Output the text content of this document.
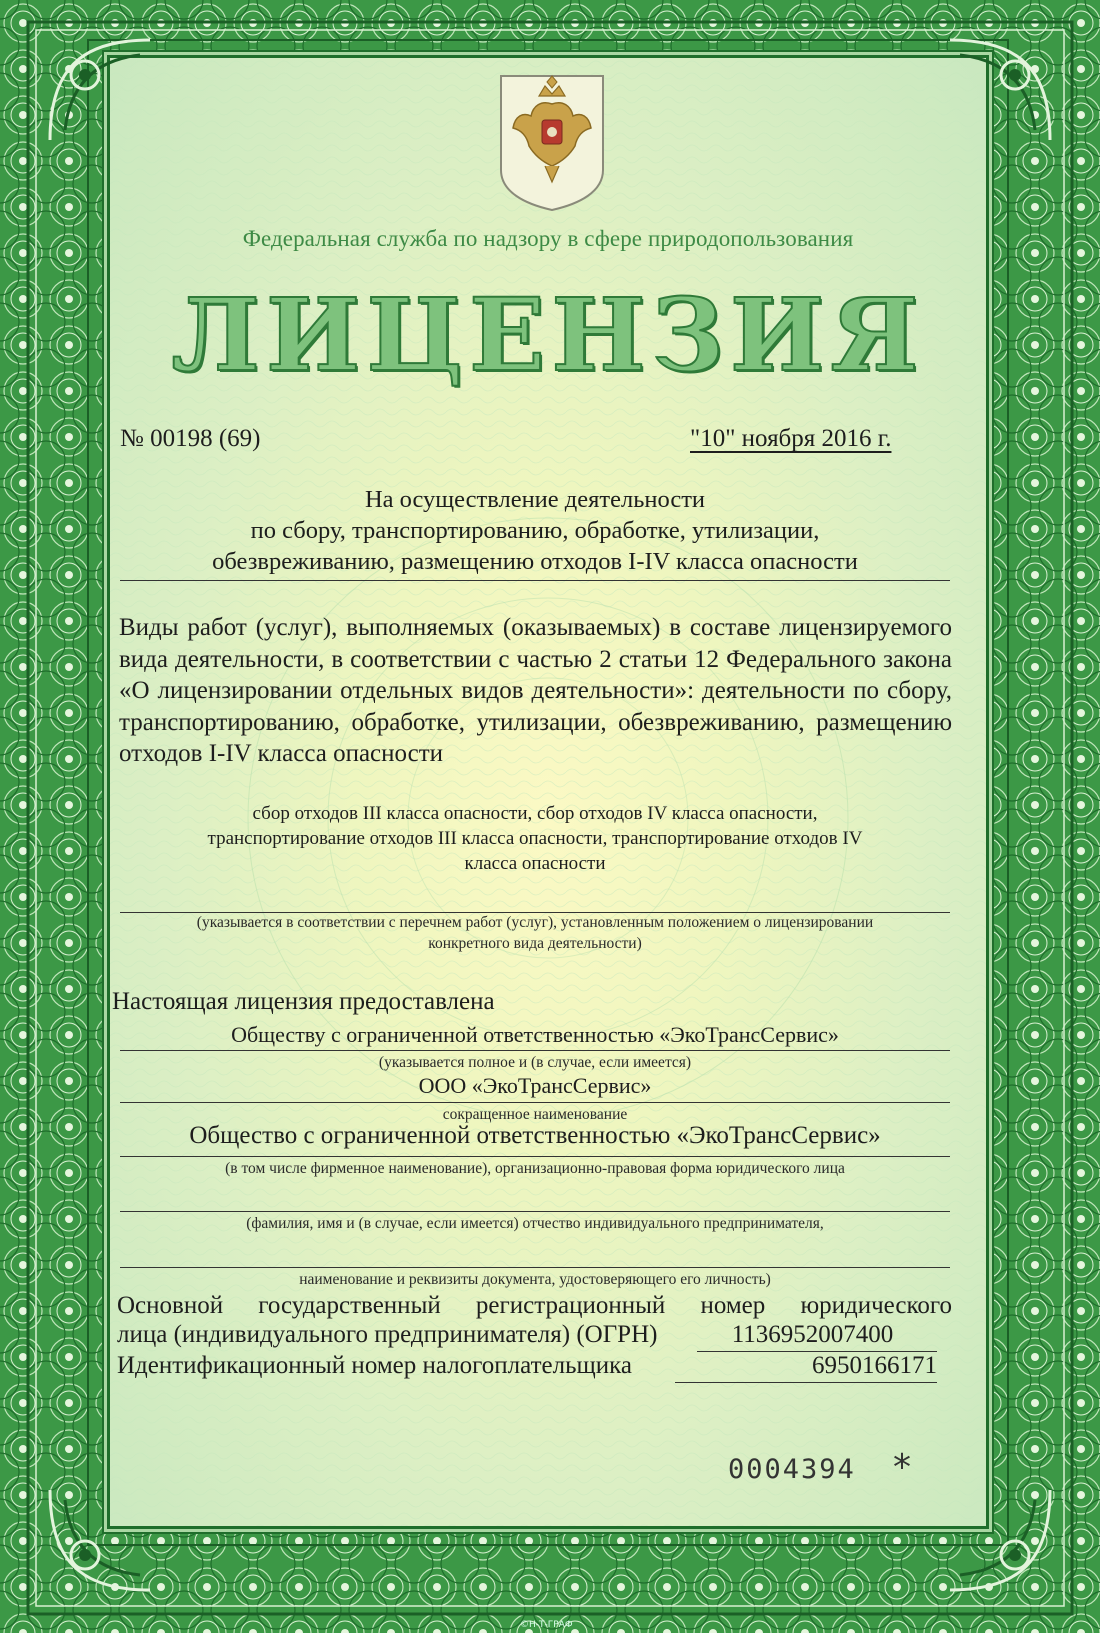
Федеральная служба по надзору в сфере природопользования
ЛИЦЕНЗИЯ
№ 00198 (69)	"10" ноября 2016 г.
На осуществление деятельности
по сбору, транспортированию, обработке, утилизации,
обезвреживанию, размещению отходов I-IV класса опасности
Виды работ (услуг), выполняемых (оказываемых) в составе лицензируемого вида деятельности, в соответствии с частью 2 статьи 12 Федерального закона «О лицензировании отдельных видов деятельности»: деятельности по сбору, транспортированию, обработке, утилизации, обезвреживанию, размещению отходов I-IV класса опасности
сбор отходов III класса опасности, сбор отходов IV класса опасности,
транспортирование отходов III класса опасности, транспортирование отходов IV
класса опасности
(указывается в соответствии с перечнем работ (услуг), установленным положением о лицензировании
конкретного вида деятельности)
Настоящая лицензия предоставлена
Обществу с ограниченной ответственностью «ЭкоТрансСервис»
(указывается полное и (в случае, если имеется)
ООО «ЭкоТрансСервис»
сокращенное наименование
Общество с ограниченной ответственностью «ЭкоТрансСервис»
(в том числе фирменное наименование), организационно-правовая форма юридического лица
(фамилия, имя и (в случае, если имеется) отчество индивидуального предпринимателя,
наименование и реквизиты документа, удостоверяющего его личность)
Основной государственный регистрационный номер юридического
лица (индивидуального предпринимателя) (ОГРН)	1136952007400
Идентификационный номер налогоплательщика	6950166171
0004394 *
©Н-Т-ГРАФ
